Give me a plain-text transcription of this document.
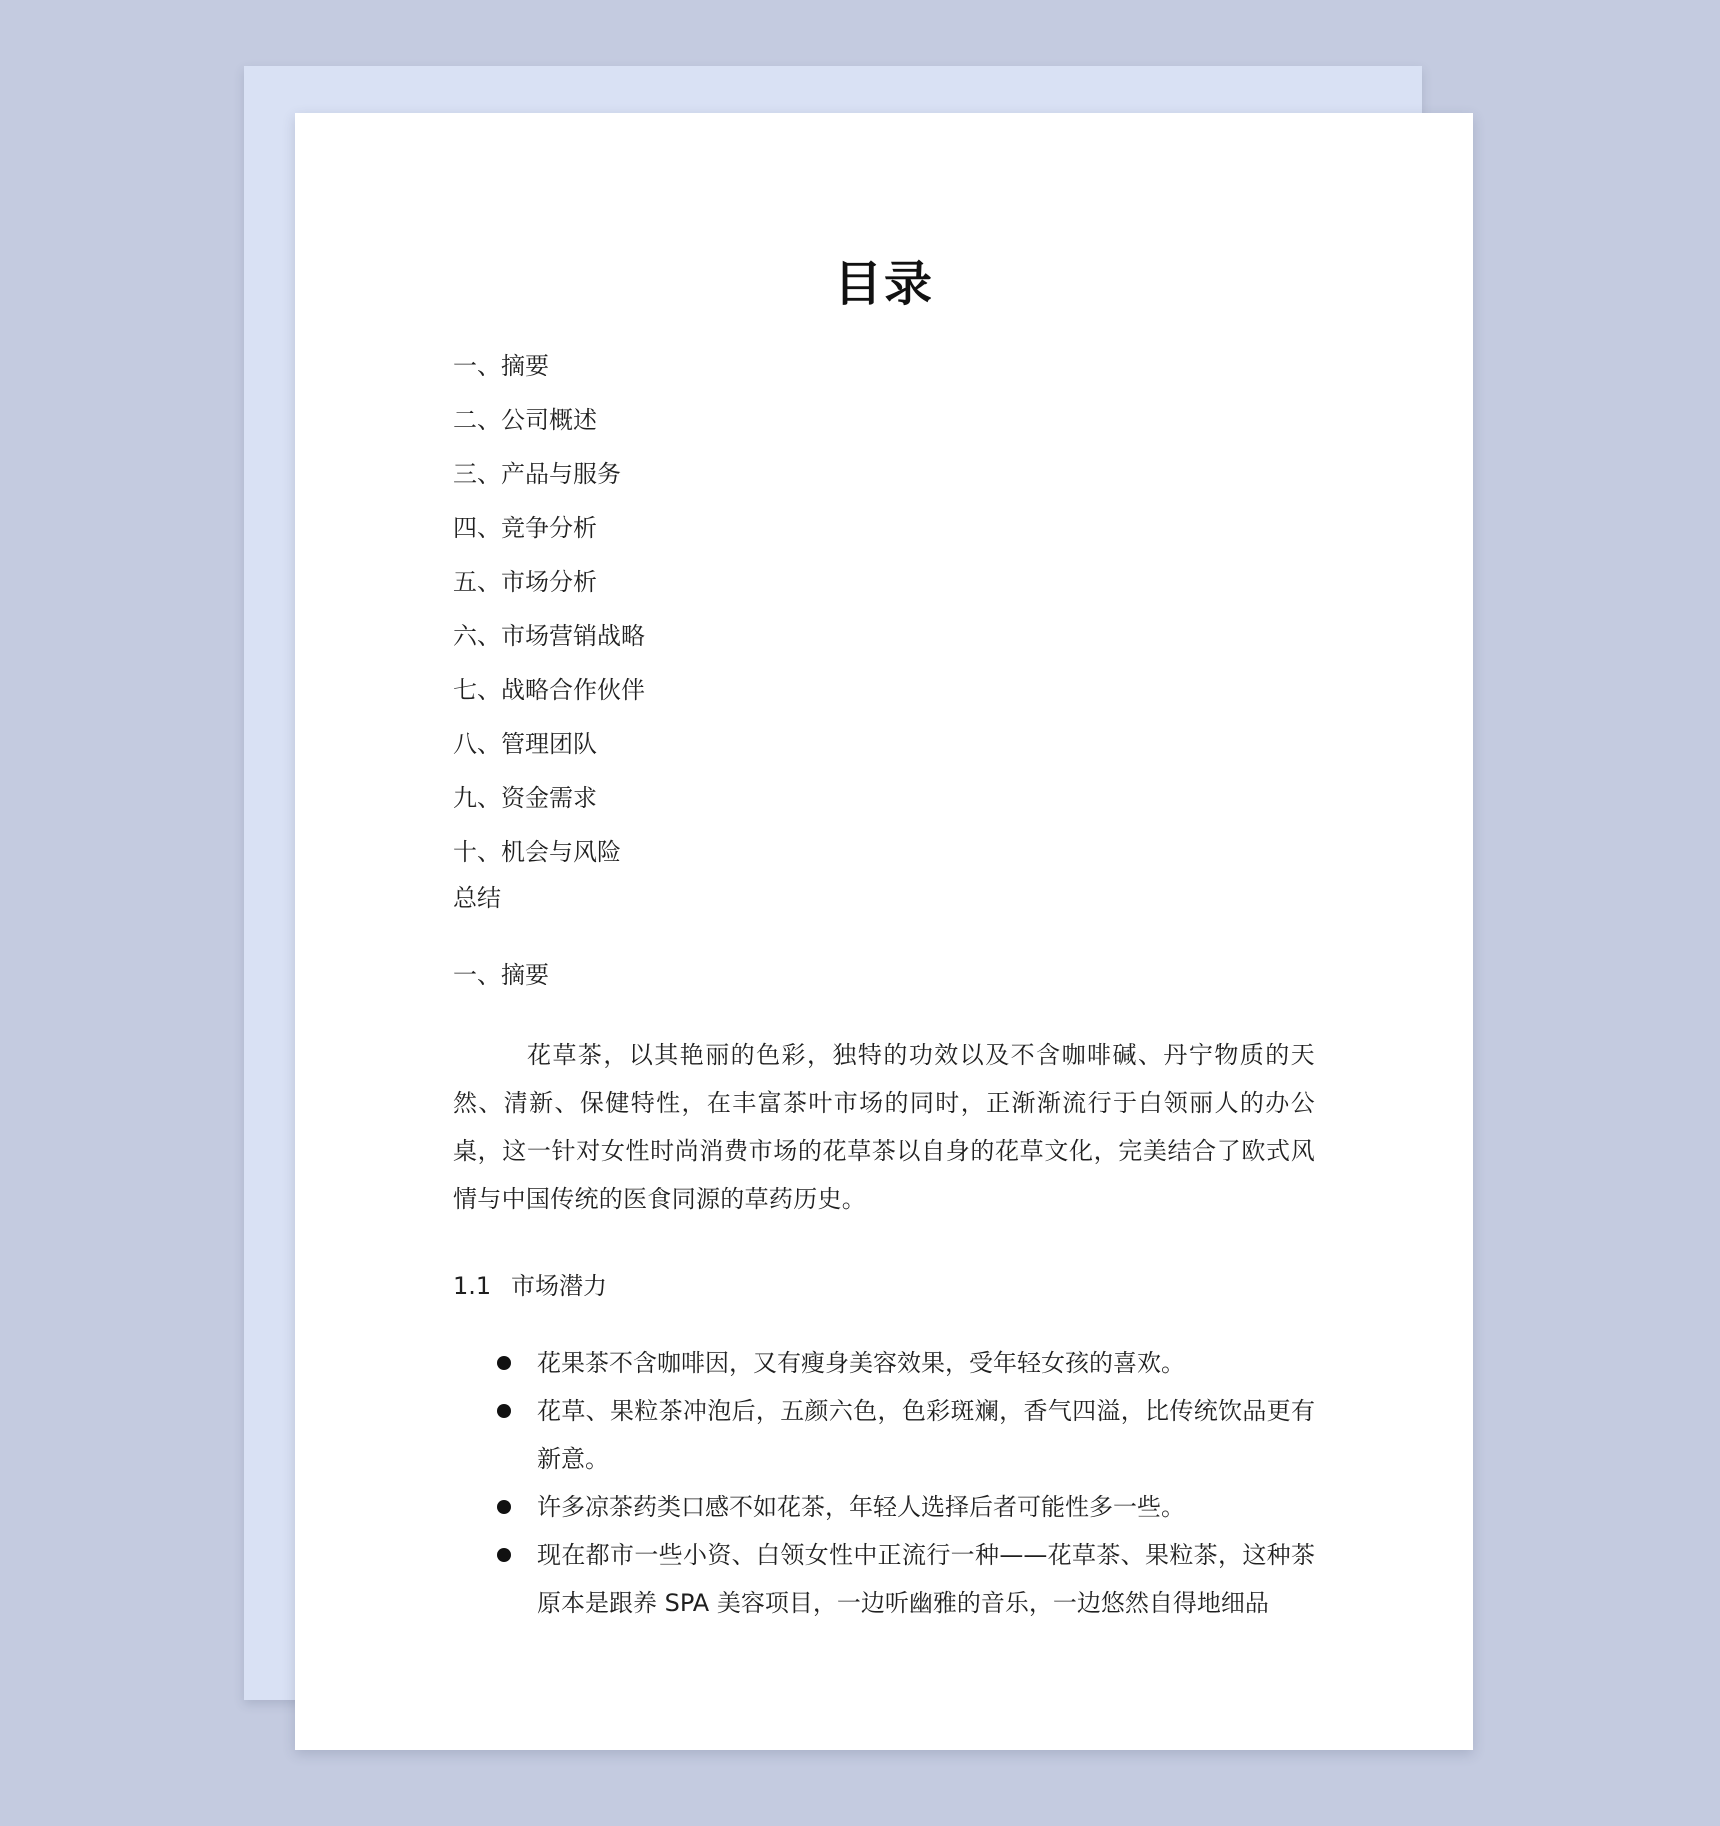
目录
一、摘要
二、公司概述
三、产品与服务
四、竞争分析
五、市场分析
六、市场营销战略
七、战略合作伙伴
八、管理团队
九、资金需求
十、机会与风险
总结
一、摘要

花草茶，以其艳丽的色彩，独特的功效以及不含咖啡碱、丹宁物质的天然、清新、保健特性，在丰富茶叶市场的同时，正渐渐流行于白领丽人的办公桌，这一针对女性时尚消费市场的花草茶以自身的花草文化，完美结合了欧式风情与中国传统的医食同源的草药历史。

1.1 市场潜力
花果茶不含咖啡因，又有瘦身美容效果，受年轻女孩的喜欢。
花草、果粒茶冲泡后，五颜六色，色彩斑斓，香气四溢，比传统饮品更有新意。
许多凉茶药类口感不如花茶，年轻人选择后者可能性多一些。
现在都市一些小资、白领女性中正流行一种——花草茶、果粒茶，这种茶原本是跟养 SPA 美容项目，一边听幽雅的音乐，一边悠然自得地细品
